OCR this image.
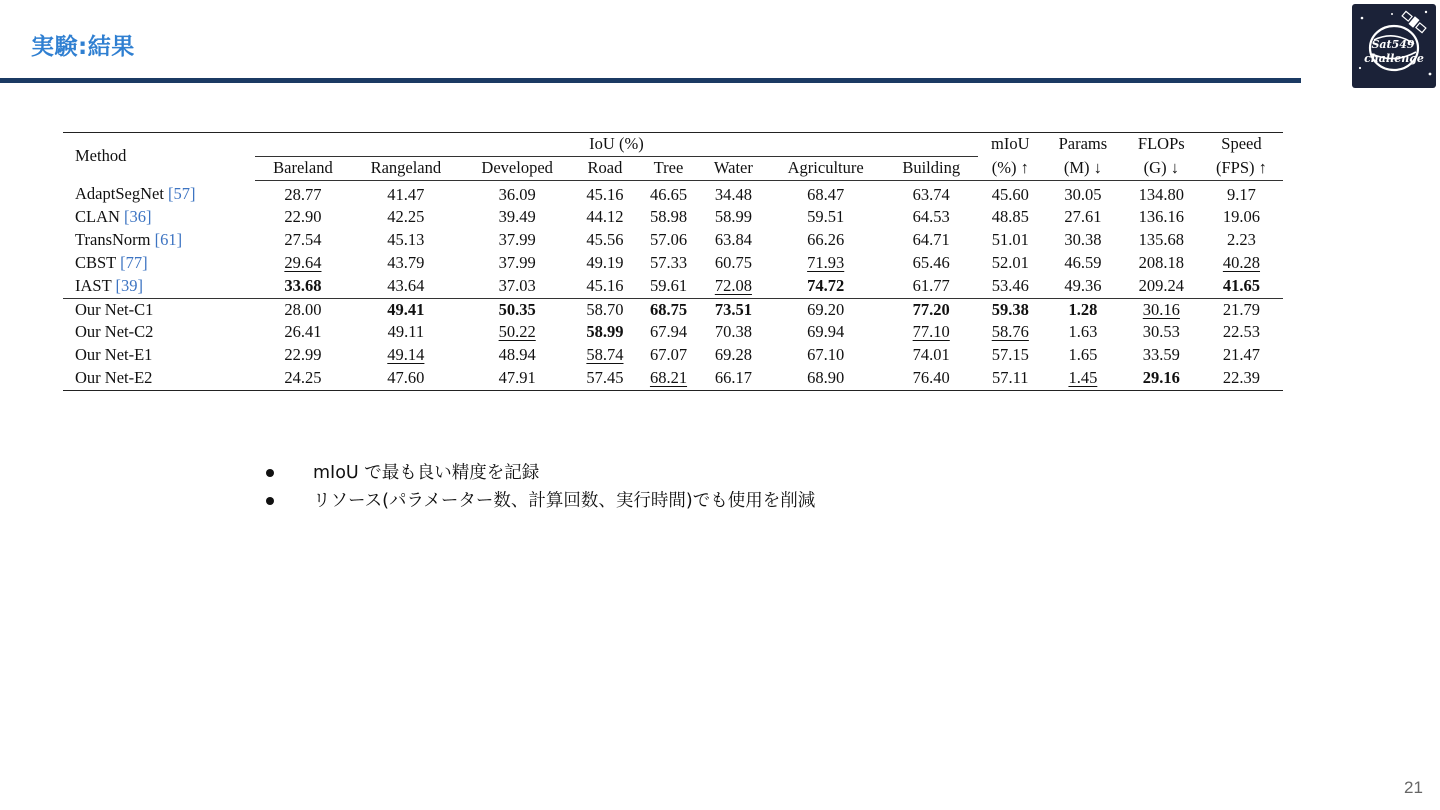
実験:結果	Sat549
challenge
Method	IoU (%)								mIoU	Params	FLOPs	Speed
	Bareland	Rangeland	Developed	Road	Tree	Water	Agriculture	Building	(%) ↑	(M) ↓	(G) ↓	(FPS) ↑
AdaptSegNet [57]	28.77	41.47	36.09	45.16	46.65	34.48	68.47	63.74	45.60	30.05	134.80	9.17
CLAN [36]	22.90	42.25	39.49	44.12	58.98	58.99	59.51	64.53	48.85	27.61	136.16	19.06
TransNorm [61]	27.54	45.13	37.99	45.56	57.06	63.84	66.26	64.71	51.01	30.38	135.68	2.23
CBST [77]	29.64	43.79	37.99	49.19	57.33	60.75	71.93	65.46	52.01	46.59	208.18	40.28
IAST [39]	33.68	43.64	37.03	45.16	59.61	72.08	74.72	61.77	53.46	49.36	209.24	41.65
Our Net-C1	28.00	49.41	50.35	58.70	68.75	73.51	69.20	77.20	59.38	1.28	30.16	21.79
Our Net-C2	26.41	49.11	50.22	58.99	67.94	70.38	69.94	77.10	58.76	1.63	30.53	22.53
Our Net-E1	22.99	49.14	48.94	58.74	67.07	69.28	67.10	74.01	57.15	1.65	33.59	21.47
Our Net-E2	24.25	47.60	47.91	57.45	68.21	66.17	68.90	76.40	57.11	1.45	29.16	22.39
mIoU で最も良い精度を記録
リソース(パラメーター数、計算回数、実行時間)でも使用を削減
21
